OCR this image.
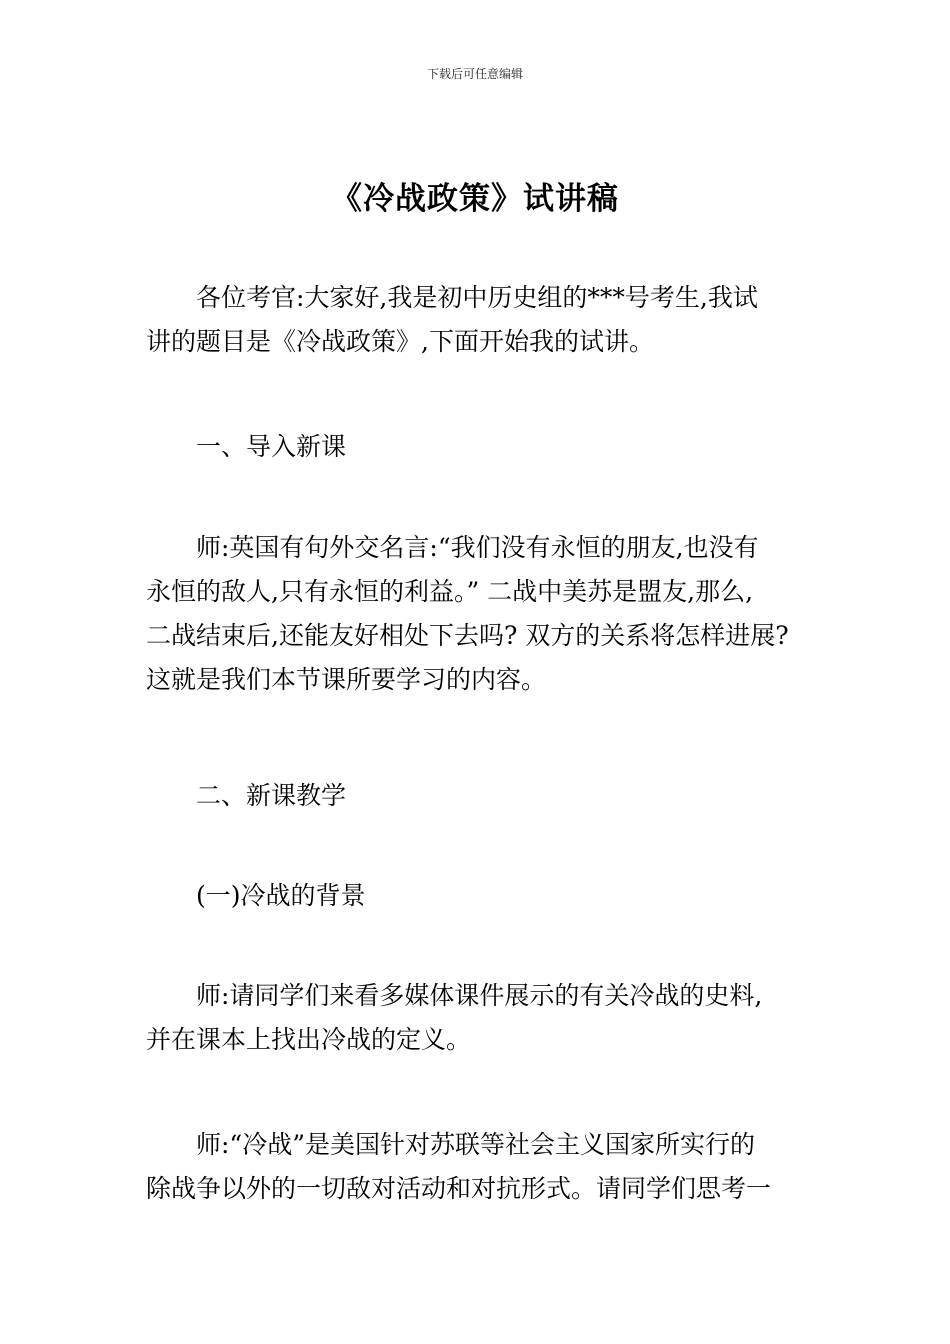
下载后可任意编辑
《冷战政策》试讲稿
各位考官:大家好,我是初中历史组的***号考生,我试
讲的题目是《冷战政策》,下面开始我的试讲。
一、导入新课
师:英国有句外交名言:“我们没有永恒的朋友,也没有
永恒的敌人,只有永恒的利益。” 二战中美苏是盟友,那么,
二战结束后,还能友好相处下去吗? 双方的关系将怎样进展?
这就是我们本节课所要学习的内容。
二、新课教学
(一)冷战的背景
师:请同学们来看多媒体课件展示的有关冷战的史料,
并在课本上找出冷战的定义。
师:“冷战”是美国针对苏联等社会主义国家所实行的
除战争以外的一切敌对活动和对抗形式。请同学们思考一
